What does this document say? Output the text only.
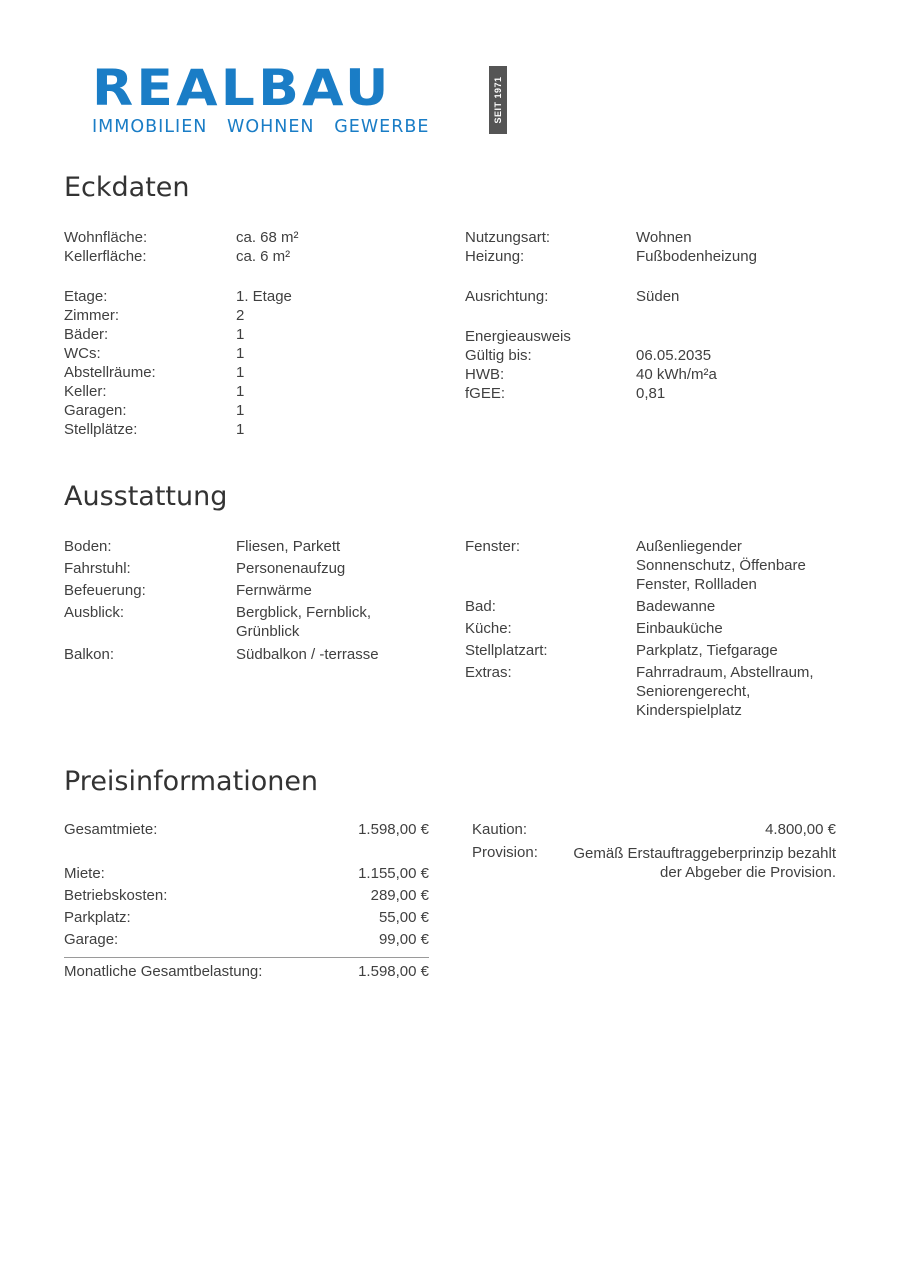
REALBAU
IMMOBILIEN   WOHNEN   GEWERBE
SEIT 1971
Eckdaten
Wohnfläche:	ca. 68 m²
Kellerfläche:	ca. 6 m²
Etage:	1. Etage
Zimmer:	2
Bäder:	1
WCs:	1
Abstellräume:	1
Keller:	1
Garagen:	1
Stellplätze:	1
Nutzungsart:	Wohnen
Heizung:	Fußbodenheizung
Ausrichtung:	Süden
Energieausweis
Gültig bis:	06.05.2035
HWB:	40 kWh/m²a
fGEE:	0,81
Ausstattung
Boden:	Fliesen, Parkett
Fahrstuhl:	Personenaufzug
Befeuerung:	Fernwärme
Ausblick:	Bergblick, Fernblick, Grünblick
Balkon:	Südbalkon / -terrasse
Fenster:	Außenliegender Sonnenschutz, Öffenbare Fenster, Rollladen
Bad:	Badewanne
Küche:	Einbauküche
Stellplatzart:	Parkplatz, Tiefgarage
Extras:	Fahrradraum, Abstellraum, Seniorengerecht, Kinderspielplatz
Preisinformationen
Gesamtmiete:	1.598,00 €
Miete:	1.155,00 €
Betriebskosten:	289,00 €
Parkplatz:	55,00 €
Garage:	99,00 €
Monatliche Gesamtbelastung:	1.598,00 €
Kaution:	4.800,00 €
Provision:	Gemäß Erstauftraggeberprinzip bezahlt der Abgeber die Provision.
